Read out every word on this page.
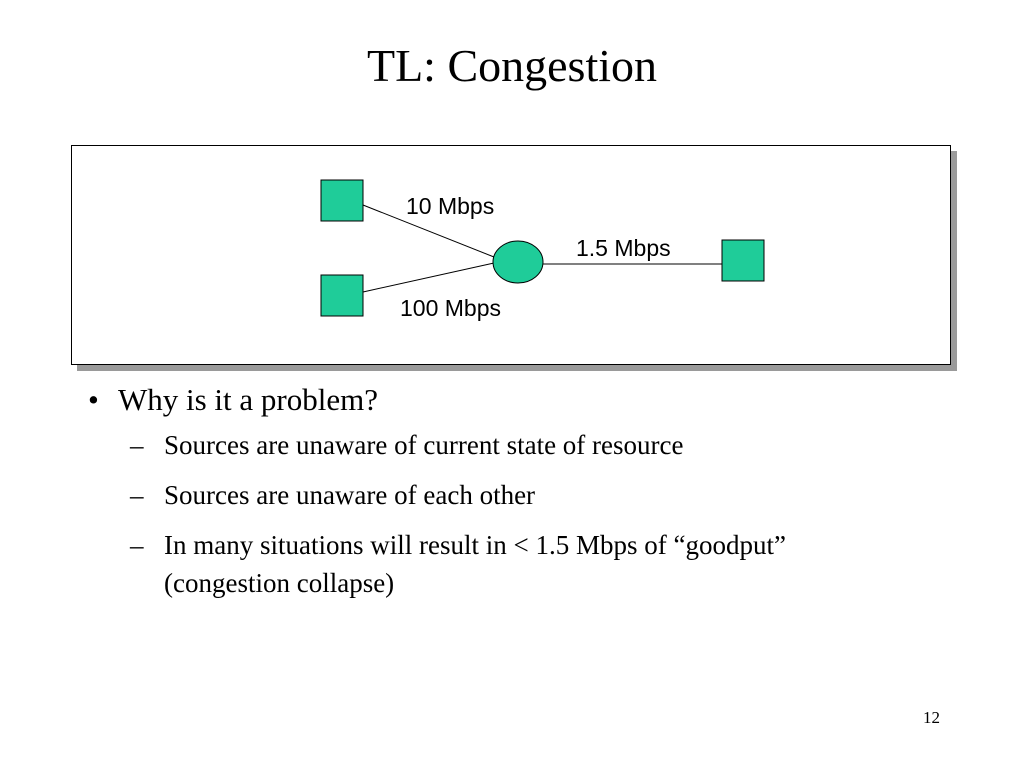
TL: Congestion
10 Mbps
100 Mbps
1.5 Mbps
• Why is it a problem?
– Sources are unaware of current state of resource
– Sources are unaware of each other
– In many situations will result in < 1.5 Mbps of “goodput” (congestion collapse)
12
